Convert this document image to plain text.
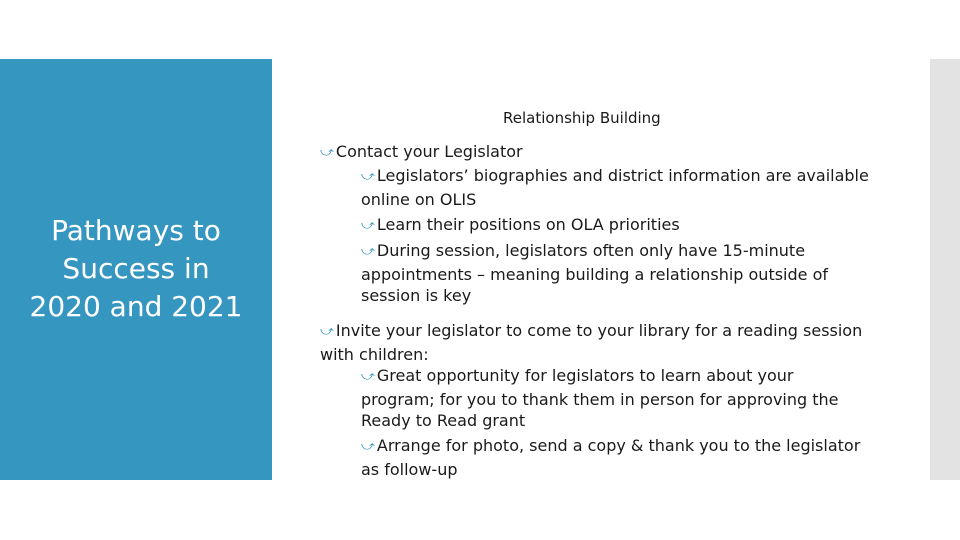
Pathways to
Success in
2020 and 2021
Relationship Building
⤻ Contact your Legislator
⤻ Legislators’ biographies and district information are available online on OLIS
⤻ Learn their positions on OLA priorities
⤻ During session, legislators often only have 15-minute appointments – meaning building a relationship outside of session is key
⤻ Invite your legislator to come to your library for a reading session with children:
⤻ Great opportunity for legislators to learn about your program; for you to thank them in person for approving the Ready to Read grant
⤻ Arrange for photo, send a copy & thank you to the legislator as follow-up
